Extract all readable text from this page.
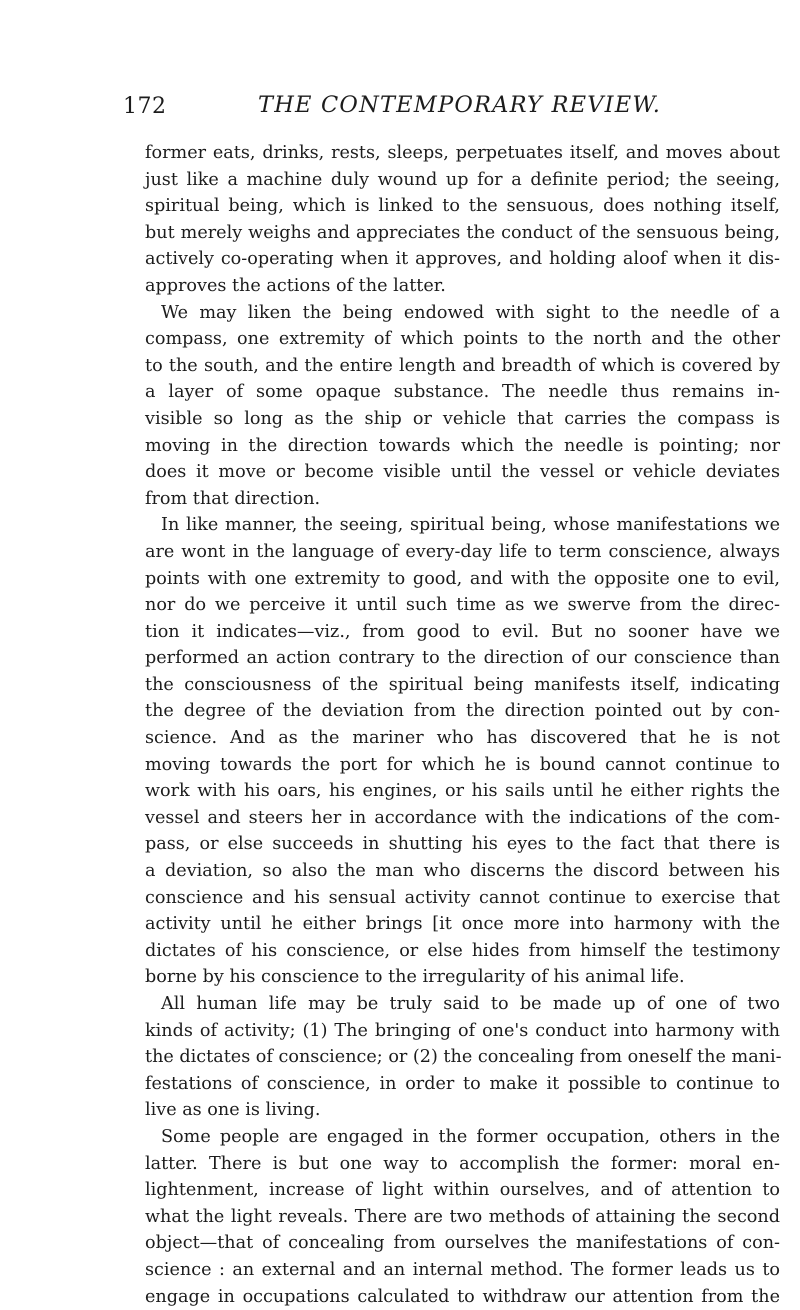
172	THE CONTEMPORARY REVIEW.
former eats, drinks, rests, sleeps, perpetuates itself, and moves about
just like a machine duly wound up for a definite period; the seeing,
spiritual being, which is linked to the sensuous, does nothing itself,
but merely weighs and appreciates the conduct of the sensuous being,
actively co-operating when it approves, and holding aloof when it dis-
approves the actions of the latter.
We may liken the being endowed with sight to the needle of a
compass, one extremity of which points to the north and the other
to the south, and the entire length and breadth of which is covered by
a layer of some opaque substance. The needle thus remains in-
visible so long as the ship or vehicle that carries the compass is
moving in the direction towards which the needle is pointing; nor
does it move or become visible until the vessel or vehicle deviates
from that direction.
In like manner, the seeing, spiritual being, whose manifestations we
are wont in the language of every-day life to term conscience, always
points with one extremity to good, and with the opposite one to evil,
nor do we perceive it until such time as we swerve from the direc-
tion it indicates—viz., from good to evil. But no sooner have we
performed an action contrary to the direction of our conscience than
the consciousness of the spiritual being manifests itself, indicating
the degree of the deviation from the direction pointed out by con-
science. And as the mariner who has discovered that he is not
moving towards the port for which he is bound cannot continue to
work with his oars, his engines, or his sails until he either rights the
vessel and steers her in accordance with the indications of the com-
pass, or else succeeds in shutting his eyes to the fact that there is
a deviation, so also the man who discerns the discord between his
conscience and his sensual activity cannot continue to exercise that
activity until he either brings [it once more into harmony with the
dictates of his conscience, or else hides from himself the testimony
borne by his conscience to the irregularity of his animal life.
All human life may be truly said to be made up of one of two
kinds of activity; (1) The bringing of one's conduct into harmony with
the dictates of conscience; or (2) the concealing from oneself the mani-
festations of conscience, in order to make it possible to continue to
live as one is living.
Some people are engaged in the former occupation, others in the
latter. There is but one way to accomplish the former: moral en-
lightenment, increase of light within ourselves, and of attention to
what the light reveals. There are two methods of attaining the second
object—that of concealing from ourselves the manifestations of con-
science : an external and an internal method. The former leads us to
engage in occupations calculated to withdraw our attention from the
